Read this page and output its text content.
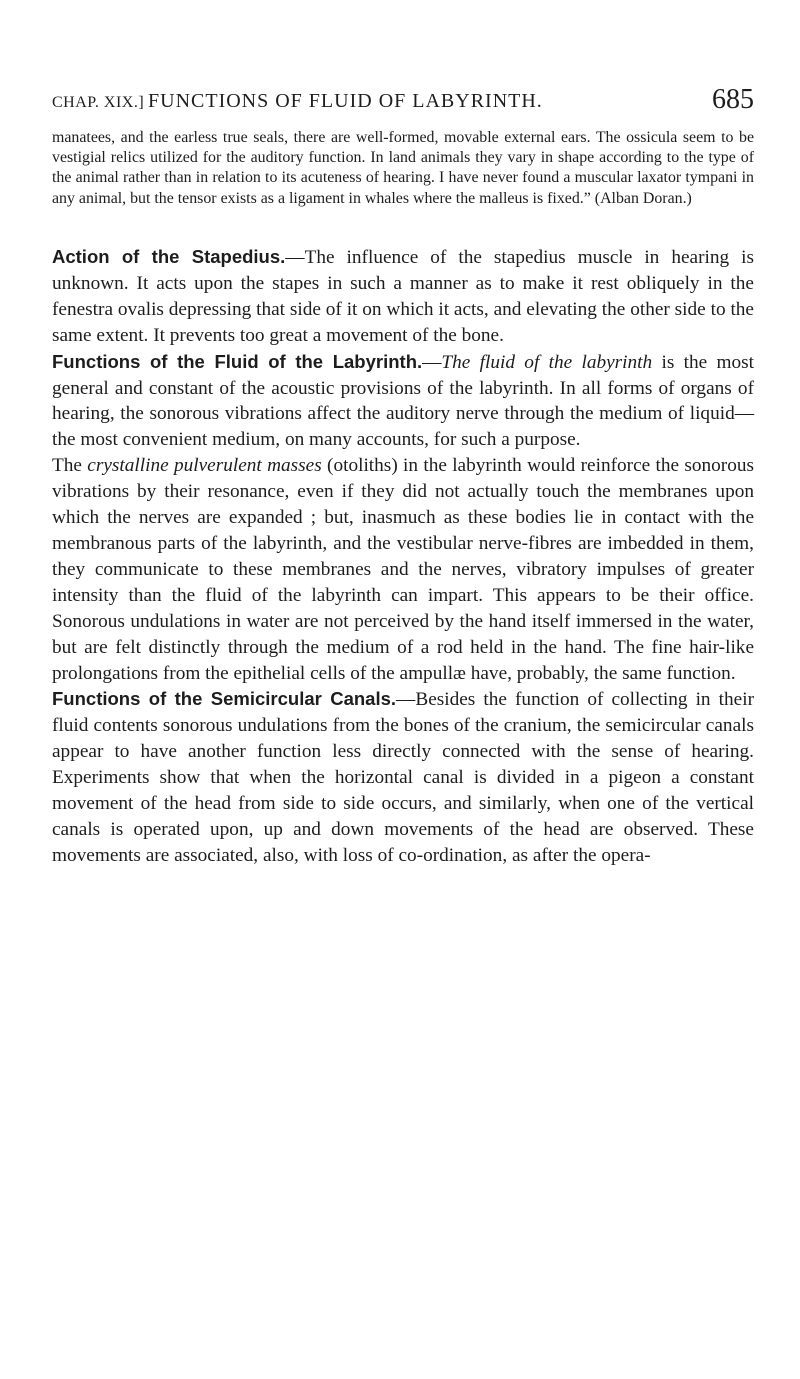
CHAP. XIX.] FUNCTIONS OF FLUID OF LABYRINTH.	685

manatees, and the earless true seals, there are well-formed, movable external ears. The ossicula seem to be vestigial relics utilized for the auditory function. In land animals they vary in shape according to the type of the animal rather than in relation to its acuteness of hearing. I have never found a muscular laxator tympani in any animal, but the tensor exists as a ligament in whales where the malleus is fixed.” (Alban Doran.)

Action of the Stapedius.—The influence of the stapedius muscle in hearing is unknown. It acts upon the stapes in such a manner as to make it rest obliquely in the fenestra ovalis depressing that side of it on which it acts, and elevating the other side to the same extent. It prevents too great a movement of the bone.

Functions of the Fluid of the Labyrinth.—The fluid of the labyrinth is the most general and constant of the acoustic provisions of the labyrinth. In all forms of organs of hearing, the sonorous vibrations affect the auditory nerve through the medium of liquid—the most convenient medium, on many accounts, for such a purpose.

The crystalline pulverulent masses (otoliths) in the labyrinth would reinforce the sonorous vibrations by their resonance, even if they did not actually touch the membranes upon which the nerves are expanded ; but, inasmuch as these bodies lie in contact with the membranous parts of the labyrinth, and the vestibular nerve-fibres are imbedded in them, they communicate to these membranes and the nerves, vibratory impulses of greater intensity than the fluid of the labyrinth can impart. This appears to be their office. Sonorous undulations in water are not perceived by the hand itself immersed in the water, but are felt distinctly through the medium of a rod held in the hand. The fine hair-like prolongations from the epithelial cells of the ampullæ have, probably, the same function.

Functions of the Semicircular Canals.—Besides the function of collecting in their fluid contents sonorous undulations from the bones of the cranium, the semicircular canals appear to have another function less directly connected with the sense of hearing. Experiments show that when the horizontal canal is divided in a pigeon a constant movement of the head from side to side occurs, and similarly, when one of the vertical canals is operated upon, up and down movements of the head are observed. These movements are associated, also, with loss of co-ordination, as after the opera-
